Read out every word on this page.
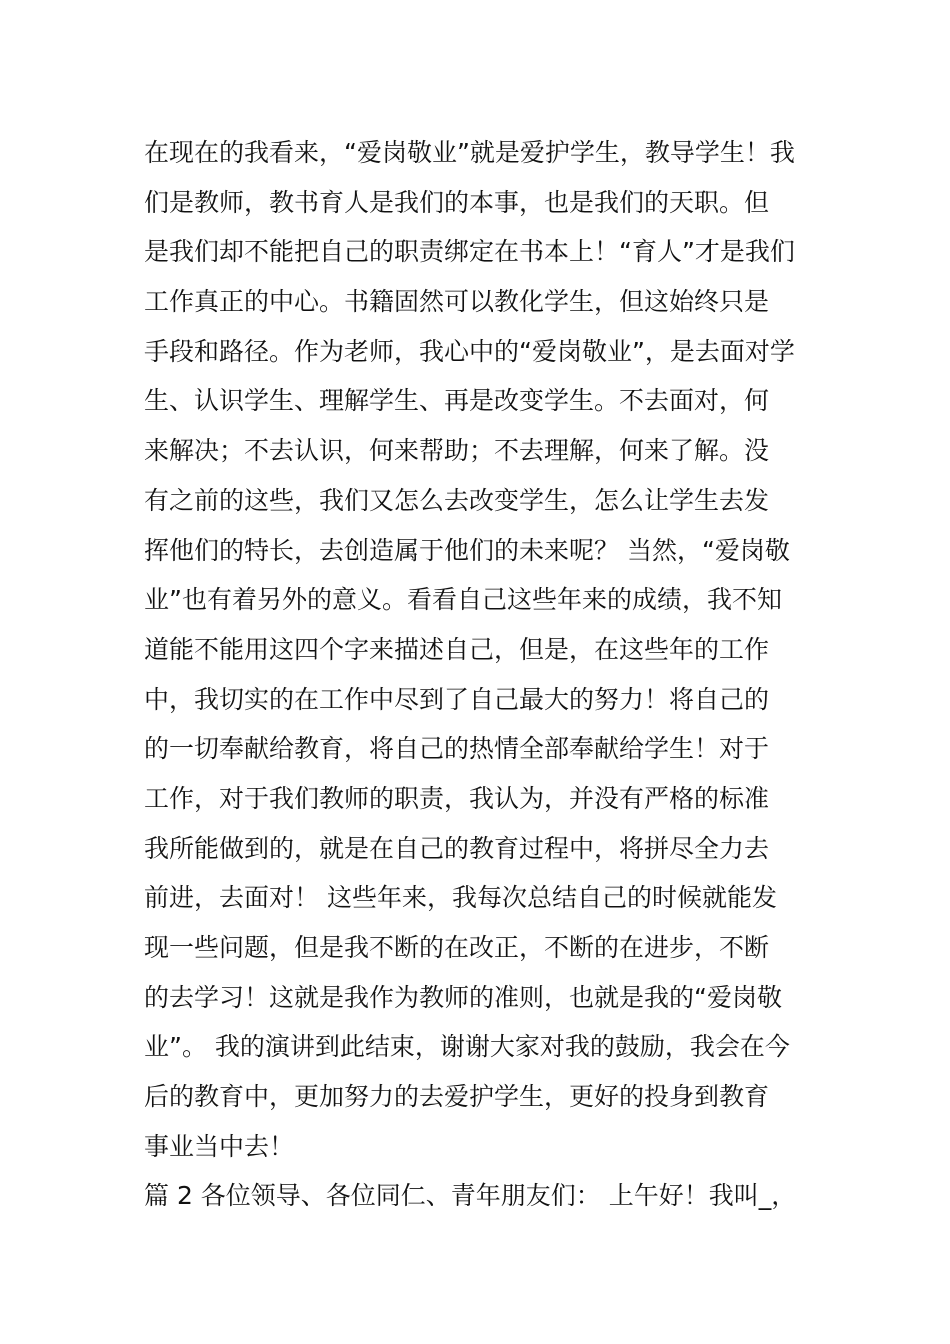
在现在的我看来，“爱岗敬业”就是爱护学生，教导学生！我
们是教师，教书育人是我们的本事，也是我们的天职。但
是我们却不能把自己的职责绑定在书本上！“育人”才是我们
工作真正的中心。书籍固然可以教化学生，但这始终只是
手段和路径。作为老师，我心中的“爱岗敬业”，是去面对学
生、认识学生、理解学生、再是改变学生。不去面对，何
来解决；不去认识，何来帮助；不去理解，何来了解。没
有之前的这些，我们又怎么去改变学生，怎么让学生去发
挥他们的特长，去创造属于他们的未来呢？ 当然，“爱岗敬
业”也有着另外的意义。看看自己这些年来的成绩，我不知
道能不能用这四个字来描述自己，但是，在这些年的工作
中，我切实的在工作中尽到了自己最大的努力！将自己的
的一切奉献给教育，将自己的热情全部奉献给学生！对于
工作，对于我们教师的职责，我认为，并没有严格的标准
我所能做到的，就是在自己的教育过程中，将拼尽全力去
前进，去面对！ 这些年来，我每次总结自己的时候就能发
现一些问题，但是我不断的在改正，不断的在进步，不断
的去学习！这就是我作为教师的准则，也就是我的“爱岗敬
业”。 我的演讲到此结束，谢谢大家对我的鼓励，我会在今
后的教育中，更加努力的去爱护学生，更好的投身到教育
事业当中去！
篇 2 各位领导、各位同仁、青年朋友们： 上午好！我叫_，
